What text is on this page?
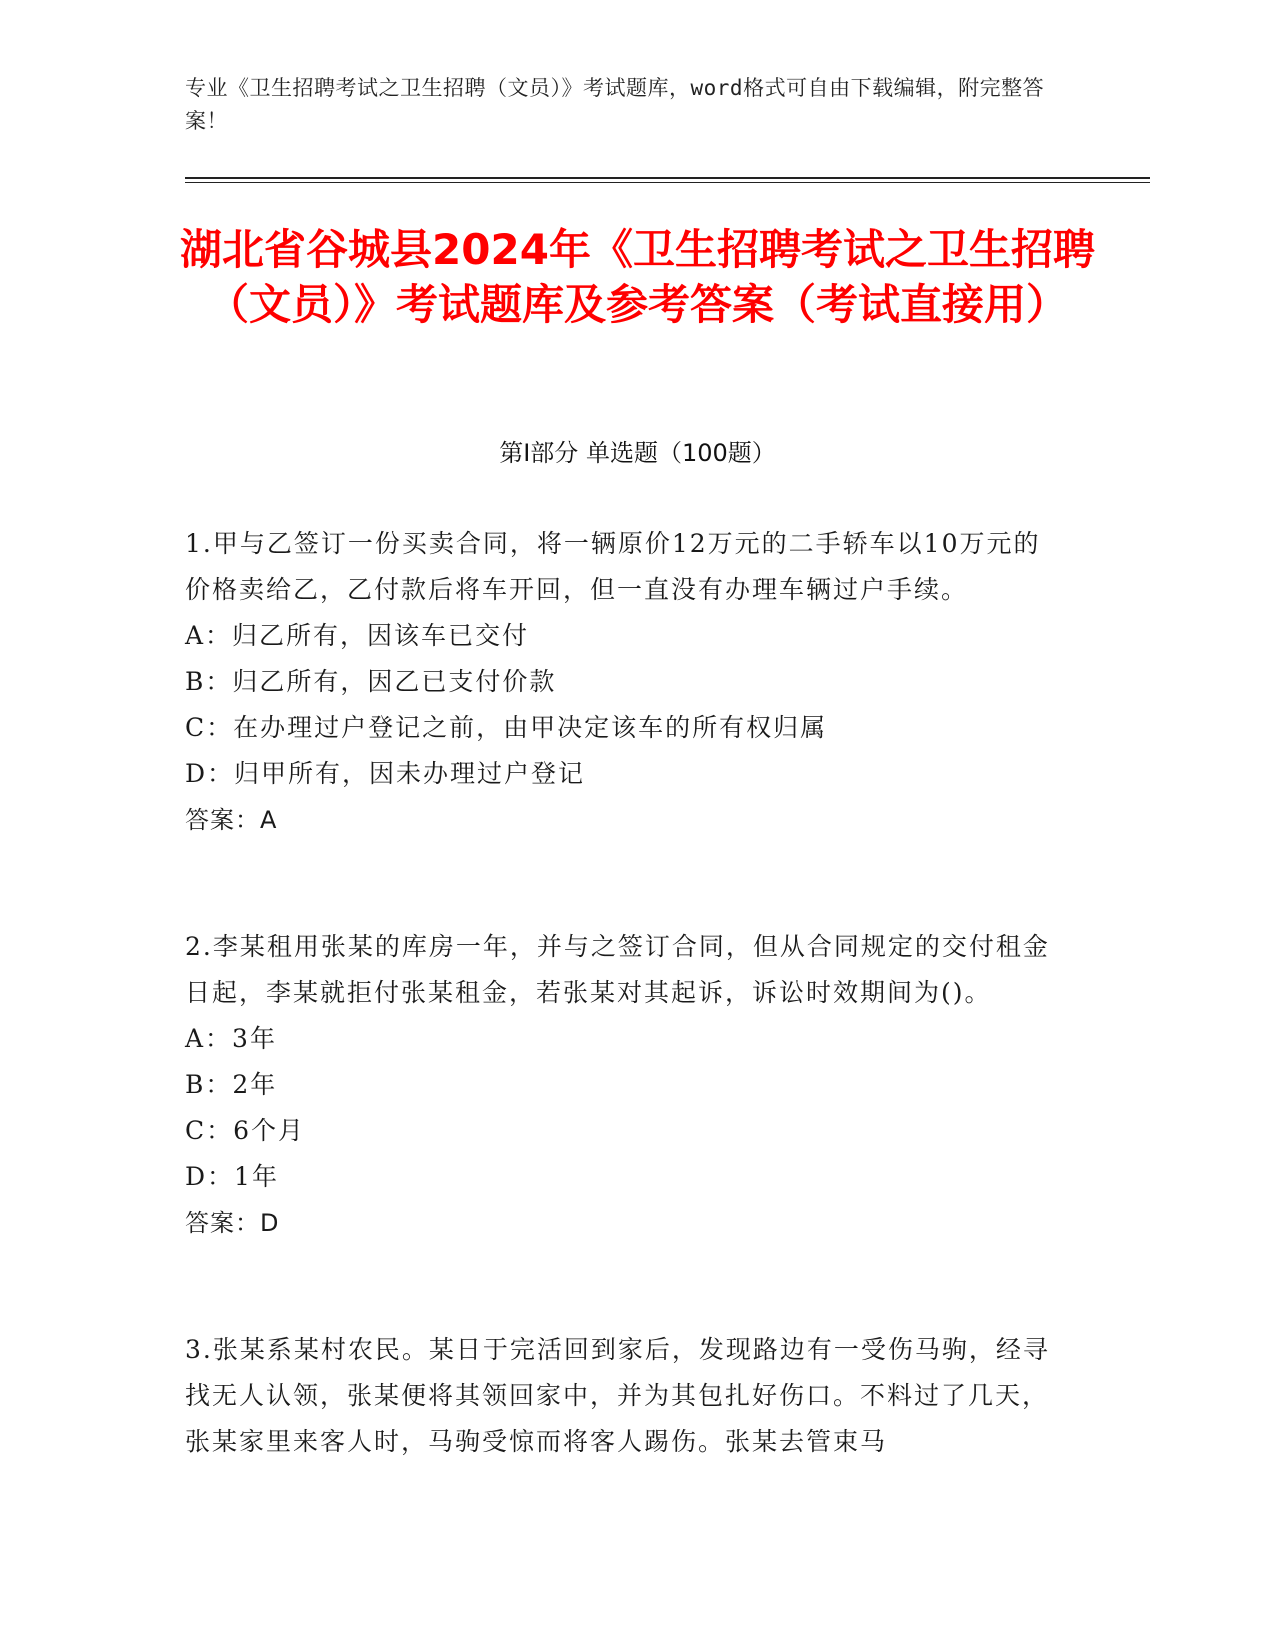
专业《卫生招聘考试之卫生招聘（文员）》考试题库，word格式可自由下载编辑，附完整答案！
湖北省谷城县2024年《卫生招聘考试之卫生招聘（文员）》考试题库及参考答案（考试直接用）
第Ⅰ部分 单选题（100题）
1.甲与乙签订一份买卖合同，将一辆原价12万元的二手轿车以10万元的价格卖给乙，乙付款后将车开回，但一直没有办理车辆过户手续。
A：归乙所有，因该车已交付
B：归乙所有，因乙已支付价款
C：在办理过户登记之前，由甲决定该车的所有权归属
D：归甲所有，因未办理过户登记
答案：A
2.李某租用张某的库房一年，并与之签订合同，但从合同规定的交付租金日起，李某就拒付张某租金，若张某对其起诉，诉讼时效期间为()。
A：3年
B：2年
C：6个月
D：1年
答案：D
3.张某系某村农民。某日于完活回到家后，发现路边有一受伤马驹，经寻找无人认领，张某便将其领回家中，并为其包扎好伤口。不料过了几天，张某家里来客人时，马驹受惊而将客人踢伤。张某去管束马
